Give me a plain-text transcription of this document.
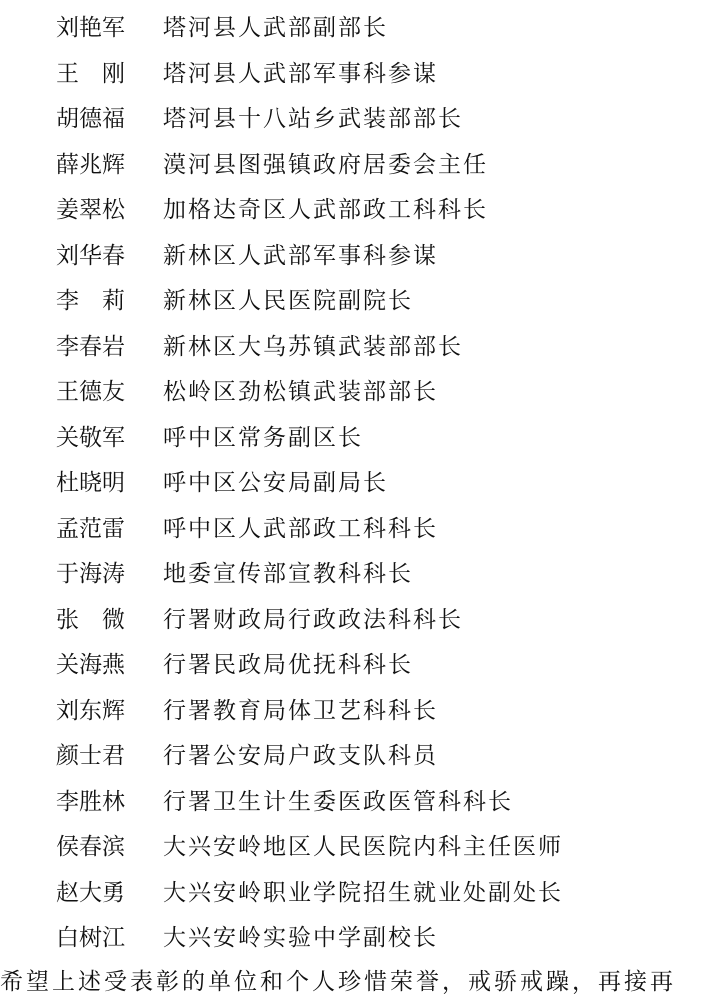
刘艳军	塔河县人武部副部长
王　刚	塔河县人武部军事科参谋
胡德福	塔河县十八站乡武装部部长
薛兆辉	漠河县图强镇政府居委会主任
姜翠松	加格达奇区人武部政工科科长
刘华春	新林区人武部军事科参谋
李　莉	新林区人民医院副院长
李春岩	新林区大乌苏镇武装部部长
王德友	松岭区劲松镇武装部部长
关敬军	呼中区常务副区长
杜晓明	呼中区公安局副局长
孟范雷	呼中区人武部政工科科长
于海涛	地委宣传部宣教科科长
张　微	行署财政局行政政法科科长
关海燕	行署民政局优抚科科长
刘东辉	行署教育局体卫艺科科长
颜士君	行署公安局户政支队科员
李胜林	行署卫生计生委医政医管科科长
侯春滨	大兴安岭地区人民医院内科主任医师
赵大勇	大兴安岭职业学院招生就业处副处长
白树江	大兴安岭实验中学副校长
希望上述受表彰的单位和个人珍惜荣誉，戒骄戒躁，再接再
